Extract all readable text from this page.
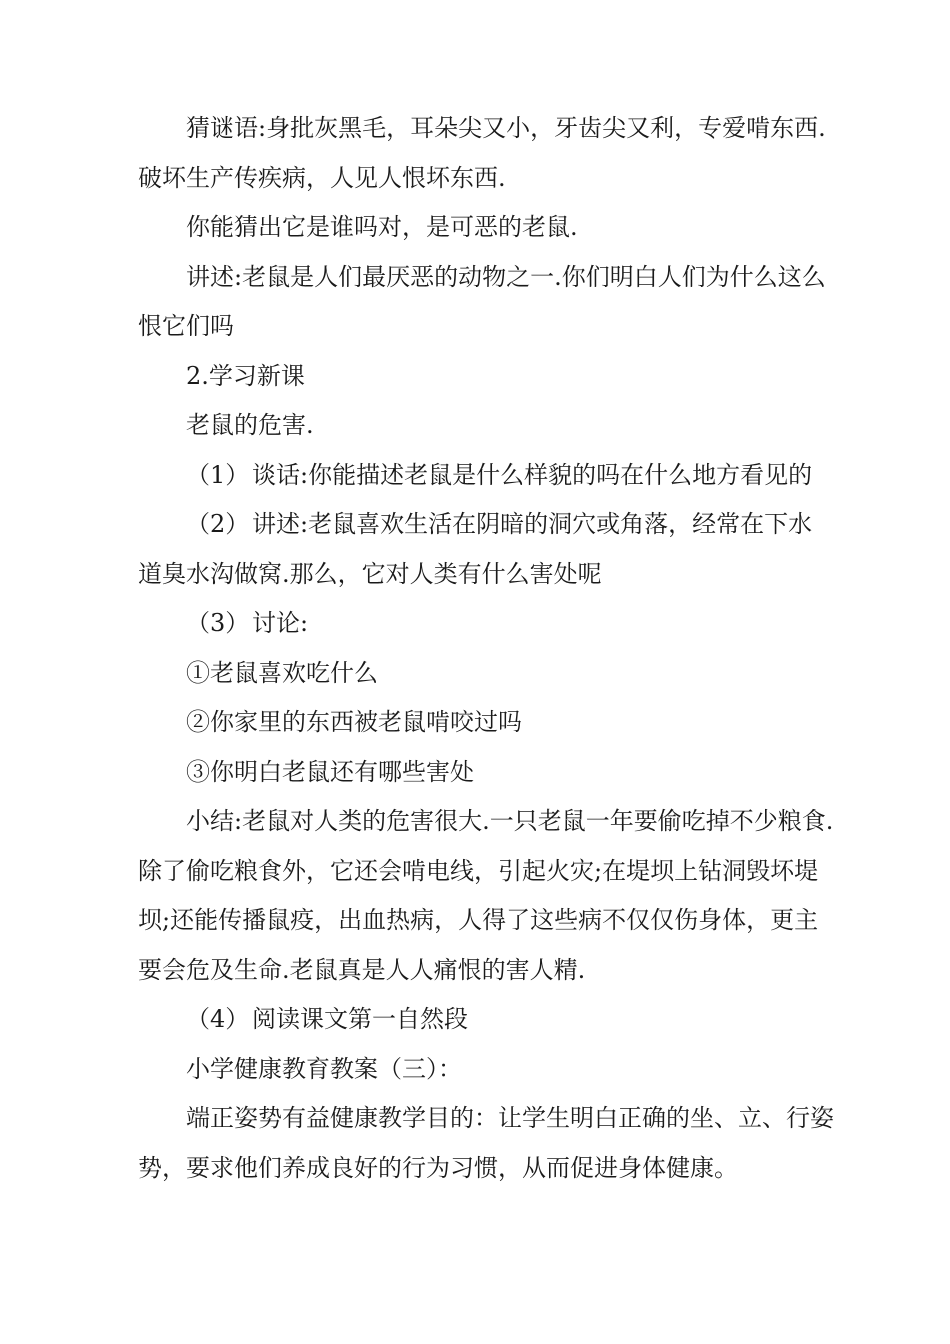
猜谜语:身批灰黑毛，耳朵尖又小，牙齿尖又利，专爱啃东西.

破坏生产传疾病，人见人恨坏东西.

你能猜出它是谁吗对，是可恶的老鼠.

讲述:老鼠是人们最厌恶的动物之一.你们明白人们为什么这么

恨它们吗

2.学习新课

老鼠的危害.

（1） 谈话:你能描述老鼠是什么样貌的吗在什么地方看见的

（2） 讲述:老鼠喜欢生活在阴暗的洞穴或角落，经常在下水

道臭水沟做窝.那么，它对人类有什么害处呢

（3） 讨论:

①老鼠喜欢吃什么

②你家里的东西被老鼠啃咬过吗

③你明白老鼠还有哪些害处

小结:老鼠对人类的危害很大.一只老鼠一年要偷吃掉不少粮食.

除了偷吃粮食外，它还会啃电线，引起火灾;在堤坝上钻洞毁坏堤

坝;还能传播鼠疫，出血热病，人得了这些病不仅仅伤身体，更主

要会危及生命.老鼠真是人人痛恨的害人精.

（4） 阅读课文第一自然段

小学健康教育教案（三）：

端正姿势有益健康教学目的：让学生明白正确的坐、立、行姿

势，要求他们养成良好的行为习惯，从而促进身体健康。
